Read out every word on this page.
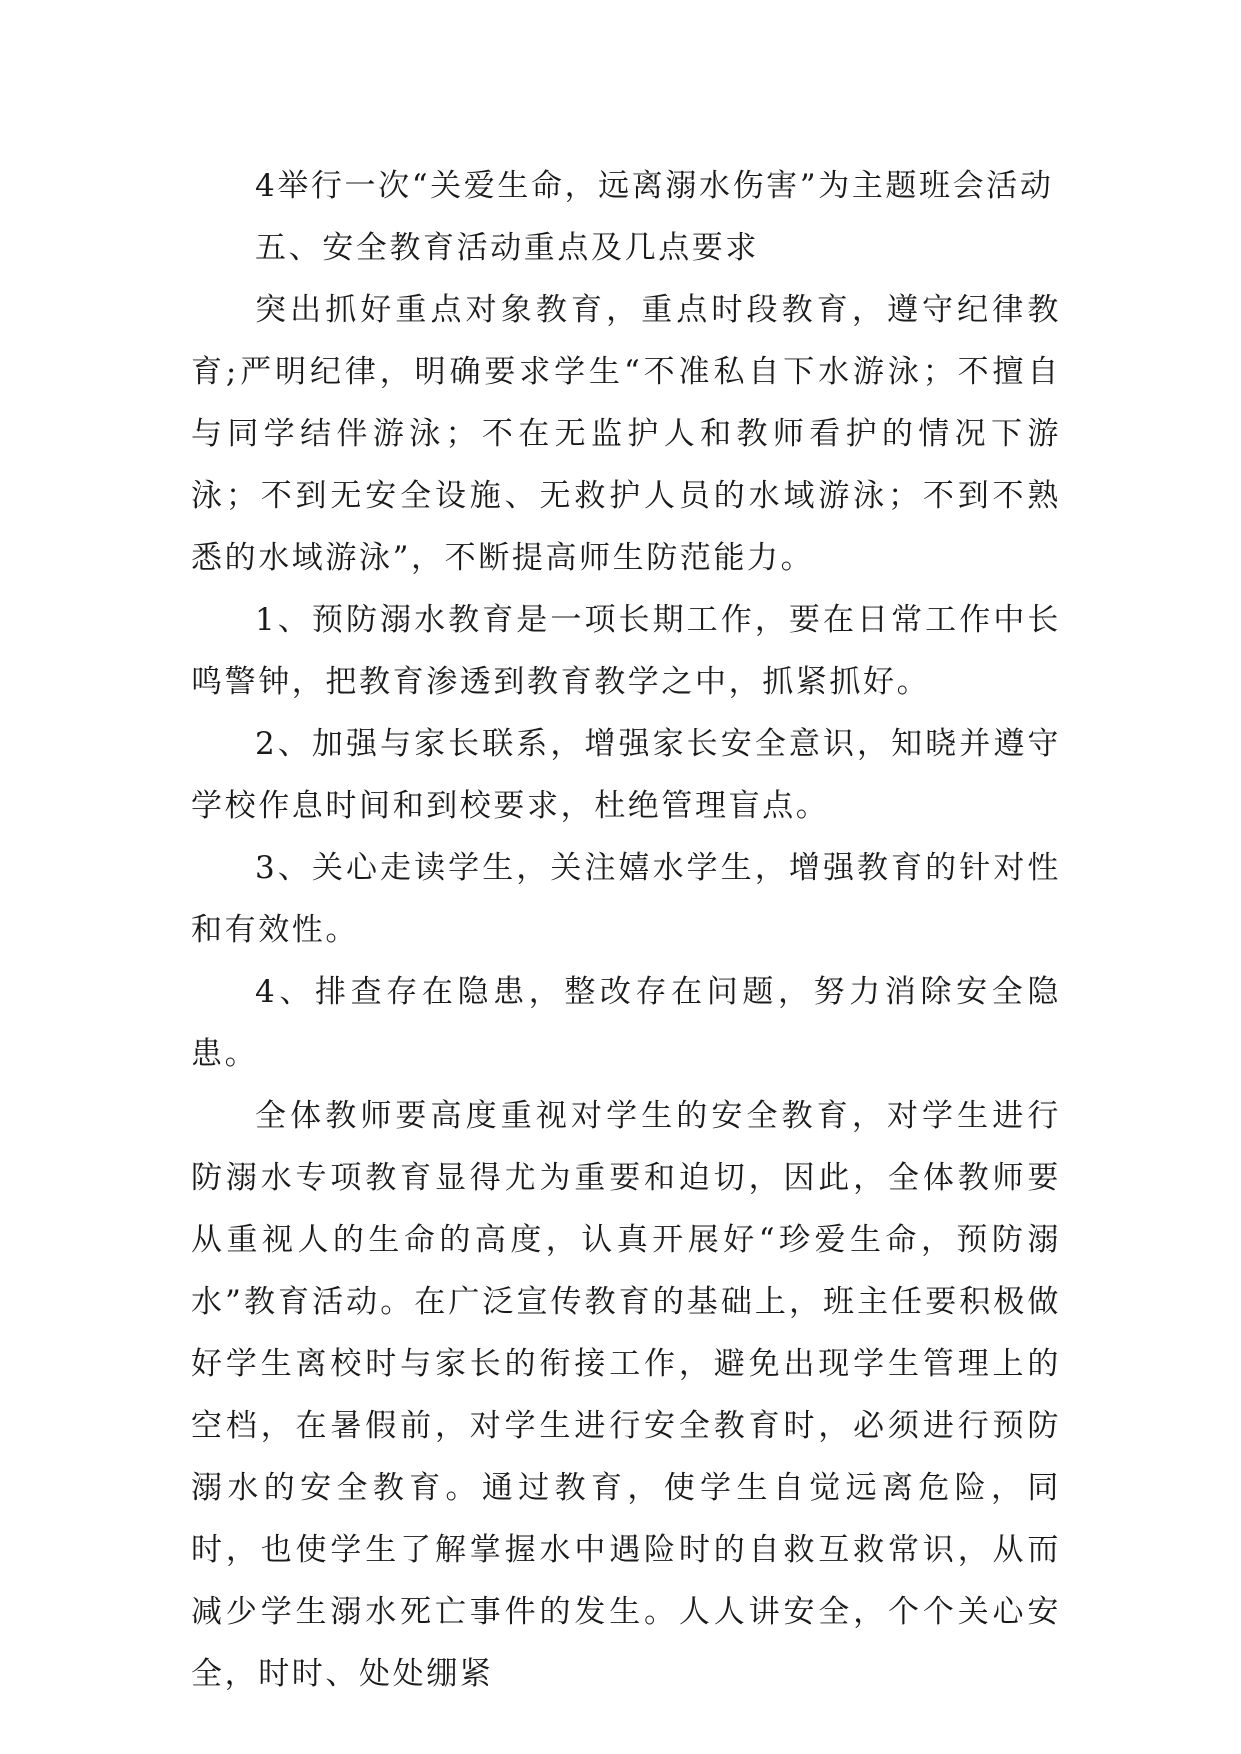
4举行一次“关爱生命，远离溺水伤害”为主题班会活动

五、安全教育活动重点及几点要求

突出抓好重点对象教育，重点时段教育，遵守纪律教育;严明纪律，明确要求学生“不准私自下水游泳；不擅自与同学结伴游泳；不在无监护人和教师看护的情况下游泳；不到无安全设施、无救护人员的水域游泳；不到不熟悉的水域游泳”，不断提高师生防范能力。

1、预防溺水教育是一项长期工作，要在日常工作中长鸣警钟，把教育渗透到教育教学之中，抓紧抓好。

2、加强与家长联系，增强家长安全意识，知晓并遵守学校作息时间和到校要求，杜绝管理盲点。

3、关心走读学生，关注嬉水学生，增强教育的针对性和有效性。

4、排查存在隐患，整改存在问题，努力消除安全隐患。

全体教师要高度重视对学生的安全教育，对学生进行防溺水专项教育显得尤为重要和迫切，因此，全体教师要从重视人的生命的高度，认真开展好“珍爱生命，预防溺水”教育活动。在广泛宣传教育的基础上，班主任要积极做好学生离校时与家长的衔接工作，避免出现学生管理上的空档，在暑假前，对学生进行安全教育时，必须进行预防溺水的安全教育。通过教育，使学生自觉远离危险，同时，也使学生了解掌握水中遇险时的自救互救常识，从而减少学生溺水死亡事件的发生。人人讲安全，个个关心安全，时时、处处绷紧
